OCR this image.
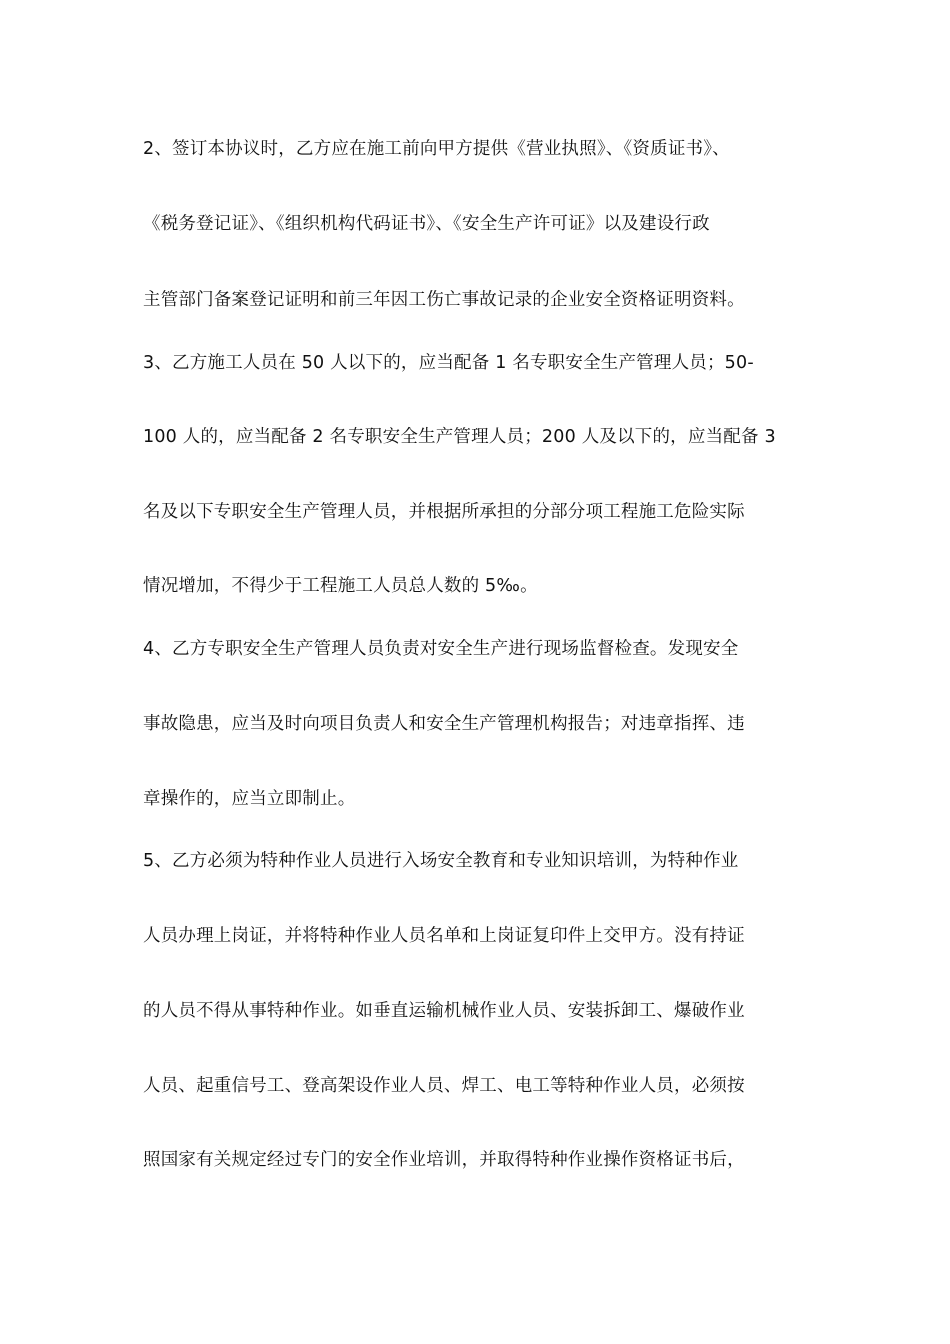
2、签订本协议时，乙方应在施工前向甲方提供《营业执照》、《资质证书》、
《税务登记证》、《组织机构代码证书》、《安全生产许可证》以及建设行政
主管部门备案登记证明和前三年因工伤亡事故记录的企业安全资格证明资料。
3、乙方施工人员在 50 人以下的，应当配备 1 名专职安全生产管理人员；50-
100 人的，应当配备 2 名专职安全生产管理人员；200 人及以下的，应当配备 3
名及以下专职安全生产管理人员，并根据所承担的分部分项工程施工危险实际
情况增加，不得少于工程施工人员总人数的 5‰。
4、乙方专职安全生产管理人员负责对安全生产进行现场监督检查。发现安全
事故隐患，应当及时向项目负责人和安全生产管理机构报告；对违章指挥、违
章操作的，应当立即制止。
5、乙方必须为特种作业人员进行入场安全教育和专业知识培训，为特种作业
人员办理上岗证，并将特种作业人员名单和上岗证复印件上交甲方。没有持证
的人员不得从事特种作业。如垂直运输机械作业人员、安装拆卸工、爆破作业
人员、起重信号工、登高架设作业人员、焊工、电工等特种作业人员，必须按
照国家有关规定经过专门的安全作业培训，并取得特种作业操作资格证书后，
